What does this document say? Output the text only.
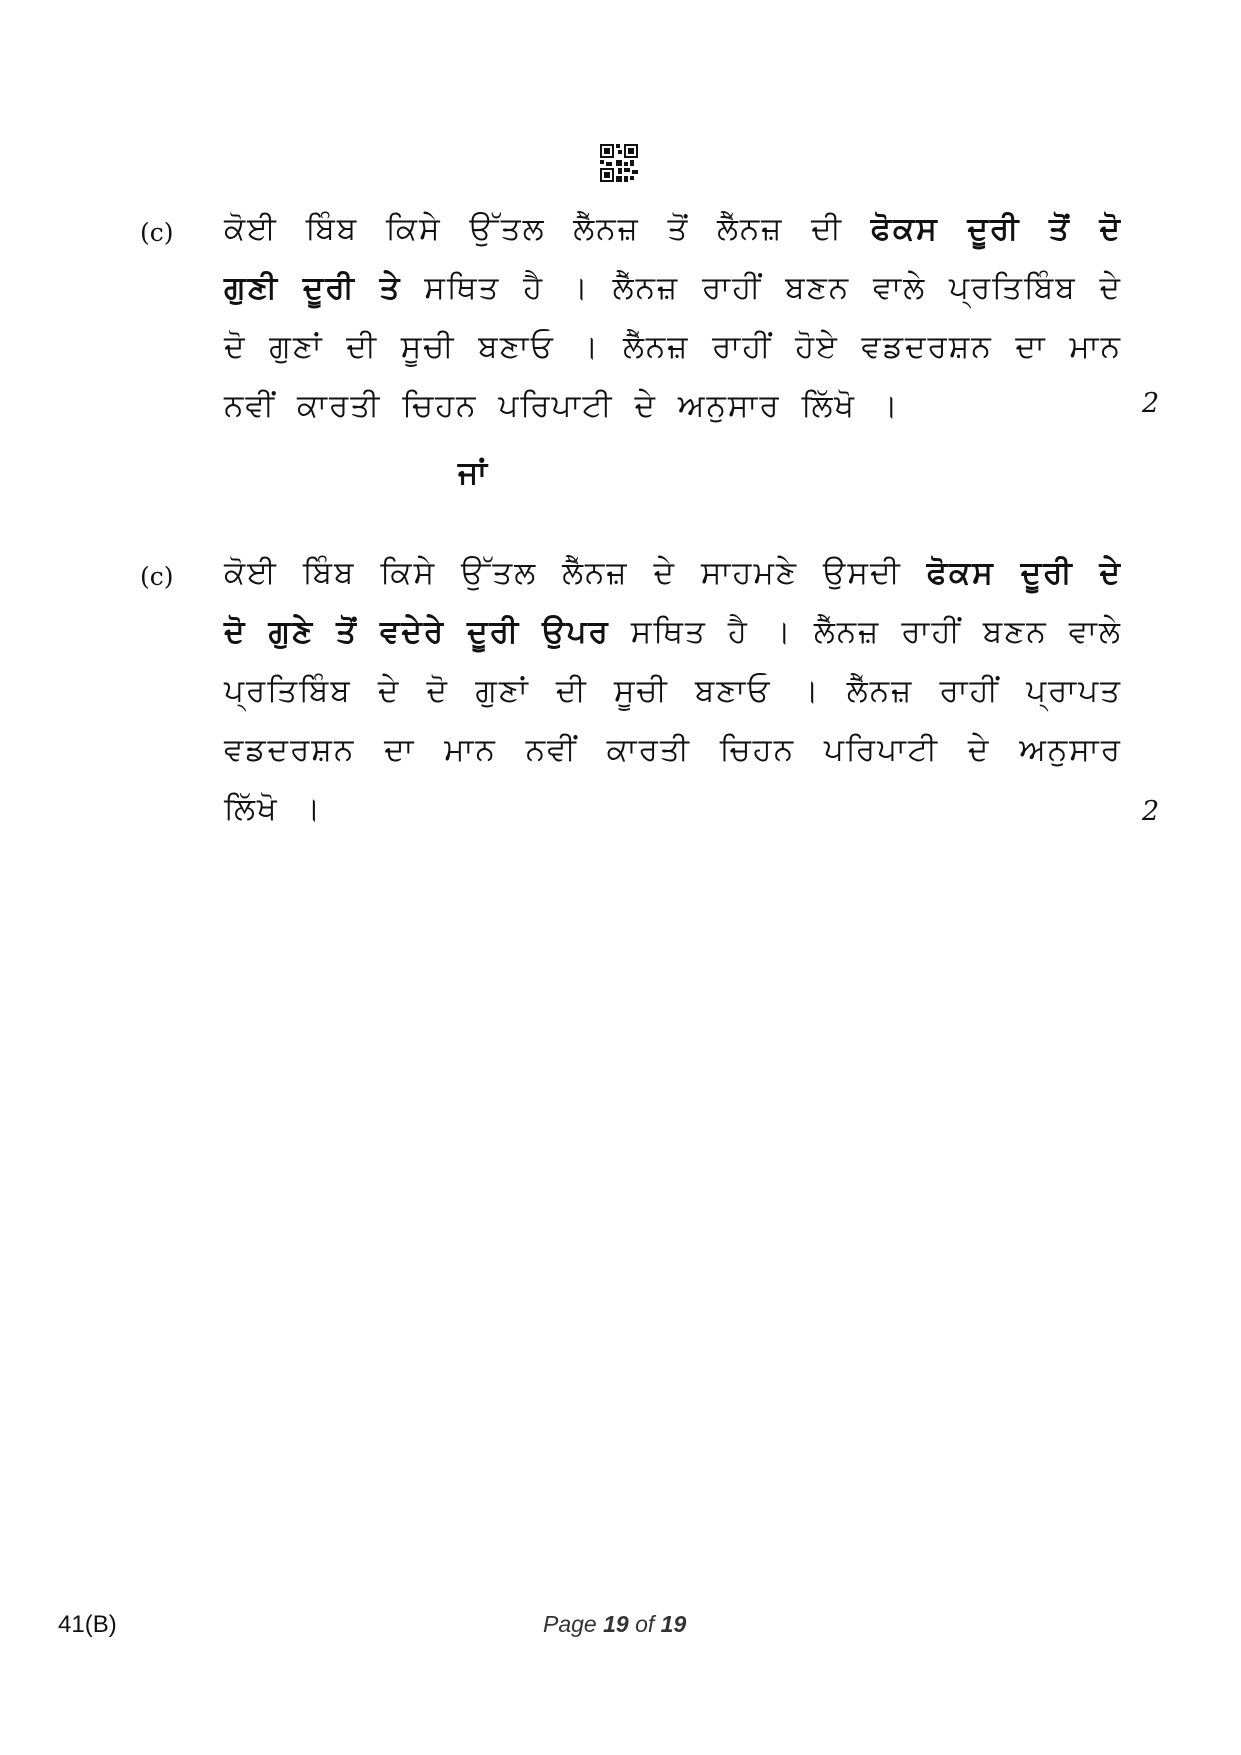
(c) ਕੋਈ ਬਿੰਬ ਕਿਸੇ ਉੱਤਲ ਲੈੱਨਜ਼ ਤੋਂ ਲੈੱਨਜ਼ ਦੀ ਫੋਕਸ ਦੂਰੀ ਤੋਂ ਦੋ ਗੁਣੀ ਦੂਰੀ ਤੇ ਸਥਿਤ ਹੈ । ਲੈੱਨਜ਼ ਰਾਹੀਂ ਬਣਨ ਵਾਲੇ ਪ੍ਰਤਿਬਿੰਬ ਦੇ ਦੋ ਗੁਣਾਂ ਦੀ ਸੂਚੀ ਬਣਾਓ । ਲੈੱਨਜ਼ ਰਾਹੀਂ ਹੋਏ ਵਡਦਰਸ਼ਨ ਦਾ ਮਾਨ ਨਵੀਂ ਕਾਰਤੀ ਚਿਹਨ ਪਰਿਪਾਟੀ ਦੇ ਅਨੁਸਾਰ ਲਿੱਖੋ ।	2
ਜਾਂ
(c) ਕੋਈ ਬਿੰਬ ਕਿਸੇ ਉੱਤਲ ਲੈੱਨਜ਼ ਦੇ ਸਾਹਮਣੇ ਉਸਦੀ ਫੋਕਸ ਦੂਰੀ ਦੇ ਦੋ ਗੁਣੇ ਤੋਂ ਵਦੇਰੇ ਦੂਰੀ ਉਪਰ ਸਥਿਤ ਹੈ । ਲੈੱਨਜ਼ ਰਾਹੀਂ ਬਣਨ ਵਾਲੇ ਪ੍ਰਤਿਬਿੰਬ ਦੇ ਦੋ ਗੁਣਾਂ ਦੀ ਸੂਚੀ ਬਣਾਓ । ਲੈੱਨਜ਼ ਰਾਹੀਂ ਪ੍ਰਾਪਤ ਵਡਦਰਸ਼ਨ ਦਾ ਮਾਨ ਨਵੀਂ ਕਾਰਤੀ ਚਿਹਨ ਪਰਿਪਾਟੀ ਦੇ ਅਨੁਸਾਰ ਲਿੱਖੋ ।	2
41(B)	Page 19 of 19
